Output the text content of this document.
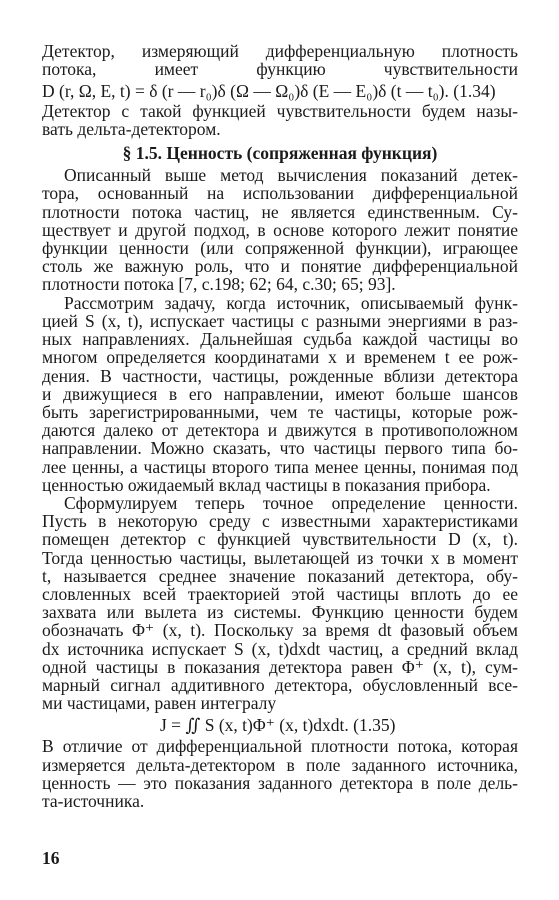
Детектор, измеряющий дифференциальную плотность
потока, имеет функцию чувствительности
D (r, Ω, E, t) = δ (r — r₀)δ (Ω — Ω₀)δ (E — E₀)δ (t — t₀). (1.34)
Детектор с такой функцией чувствительности будем назы-
вать дельта-детектором.
§ 1.5. Ценность (сопряженная функция)
Описанный выше метод вычисления показаний детек-
тора, основанный на использовании дифференциальной
плотности потока частиц, не является единственным. Су-
ществует и другой подход, в основе которого лежит понятие
функции ценности (или сопряженной функции), играющее
столь же важную роль, что и понятие дифференциальной
плотности потока [7, с.198; 62; 64, с.30; 65; 93].
Рассмотрим задачу, когда источник, описываемый функ-
цией S (x, t), испускает частицы с разными энергиями в раз-
ных направлениях. Дальнейшая судьба каждой частицы во
многом определяется координатами x и временем t ее рож-
дения. В частности, частицы, рожденные вблизи детектора
и движущиеся в его направлении, имеют больше шансов
быть зарегистрированными, чем те частицы, которые рож-
даются далеко от детектора и движутся в противоположном
направлении. Можно сказать, что частицы первого типа бо-
лее ценны, а частицы второго типа менее ценны, понимая под
ценностью ожидаемый вклад частицы в показания прибора.
Сформулируем теперь точное определение ценности.
Пусть в некоторую среду с известными характеристиками
помещен детектор с функцией чувствительности D (x, t).
Тогда ценностью частицы, вылетающей из точки x в момент
t, называется среднее значение показаний детектора, обу-
словленных всей траекторией этой частицы вплоть до ее
захвата или вылета из системы. Функцию ценности будем
обозначать Φ⁺ (x, t). Поскольку за время dt фазовый объем
dx источника испускает S (x, t)dxdt частиц, а средний вклад
одной частицы в показания детектора равен Φ⁺ (x, t), сум-
марный сигнал аддитивного детектора, обусловленный все-
ми частицами, равен интегралу
J = ∬ S (x, t)Φ⁺ (x, t)dxdt. (1.35)
В отличие от дифференциальной плотности потока, которая
измеряется дельта-детектором в поле заданного источника,
ценность — это показания заданного детектора в поле дель-
та-источника.
16
